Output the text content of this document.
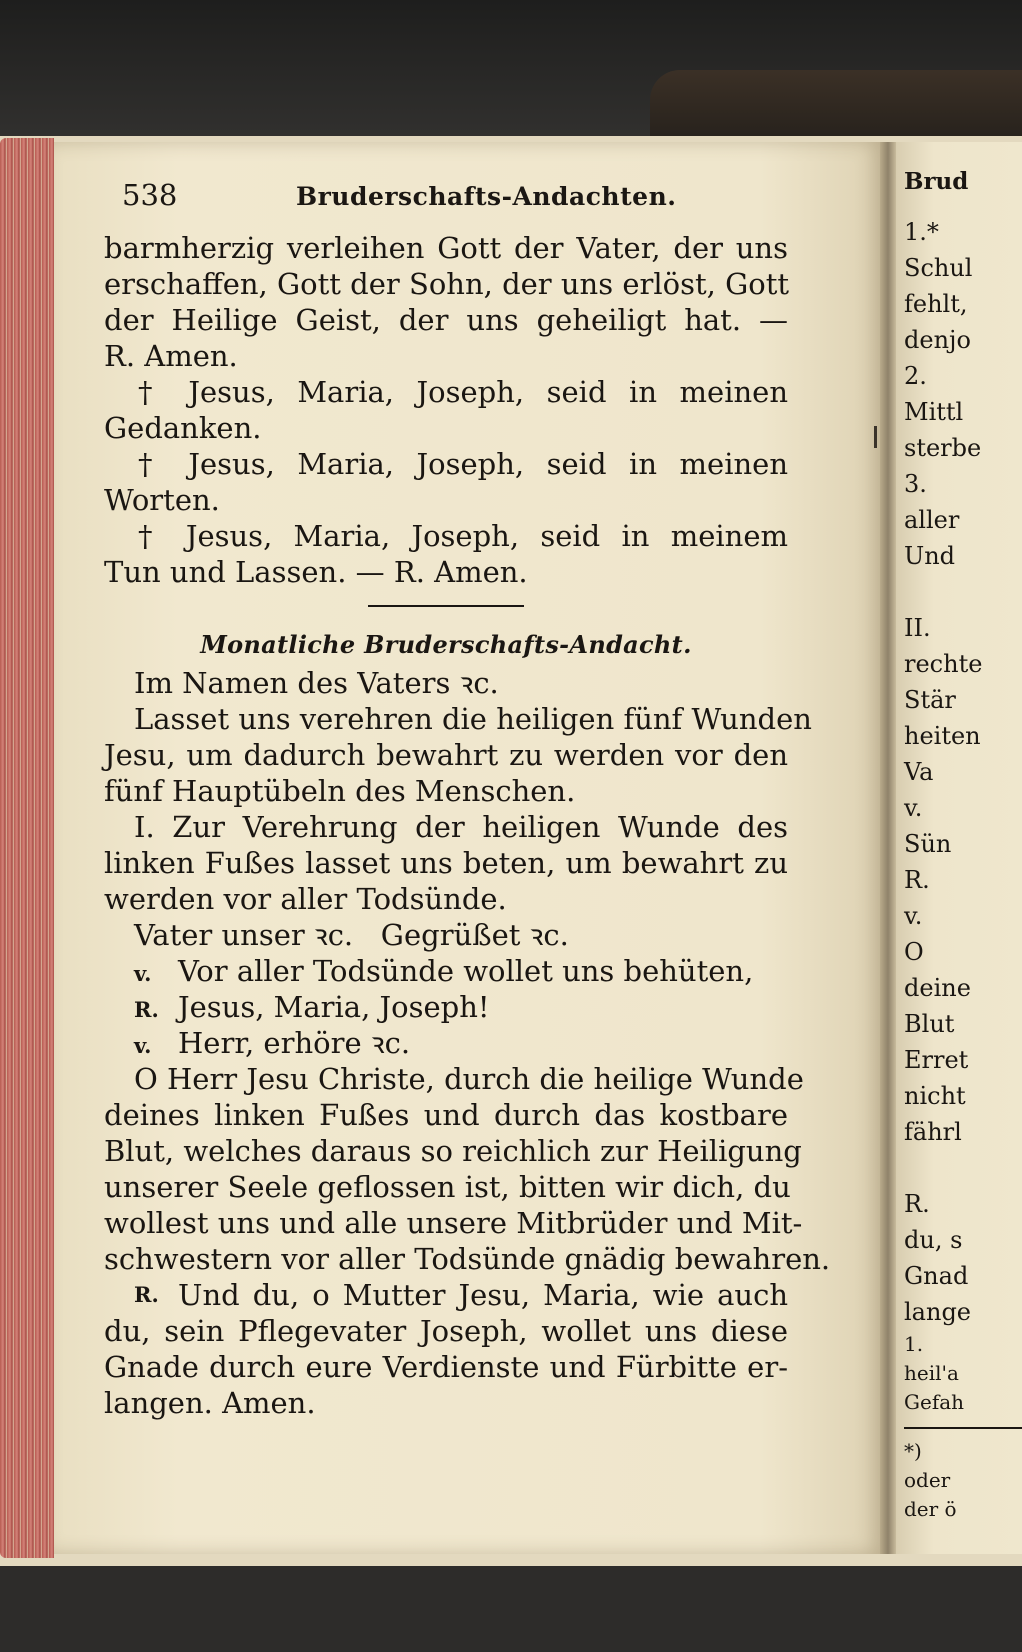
538	Bruderschafts-Andachten.
barmherzig verleihen Gott der Vater, der uns
erschaffen, Gott der Sohn, der uns erlöst, Gott
der Heilige Geist, der uns geheiligt hat. —
R. Amen.
† Jesus, Maria, Joseph, seid in meinen
Gedanken.
† Jesus, Maria, Joseph, seid in meinen
Worten.
† Jesus, Maria, Joseph, seid in meinem
Tun und Lassen. — R. Amen.
Monatliche Bruderschafts-Andacht.
Im Namen des Vaters ꝛc.
Lasset uns verehren die heiligen fünf Wunden
Jesu, um dadurch bewahrt zu werden vor den
fünf Hauptübeln des Menschen.
I. Zur Verehrung der heiligen Wunde des
linken Fußes lasset uns beten, um bewahrt zu
werden vor aller Todsünde.
Vater unser ꝛc.   Gegrüßet ꝛc.
v. Vor aller Todsünde wollet uns behüten,
R. Jesus, Maria, Joseph!
v. Herr, erhöre ꝛc.
O Herr Jesu Christe, durch die heilige Wunde
deines linken Fußes und durch das kostbare
Blut, welches daraus so reichlich zur Heiligung
unserer Seele geflossen ist, bitten wir dich, du
wollest uns und alle unsere Mitbrüder und Mit-
schwestern vor aller Todsünde gnädig bewahren.
R. Und du, o Mutter Jesu, Maria, wie auch
du, sein Pflegevater Joseph, wollet uns diese
Gnade durch eure Verdienste und Fürbitte er-
langen. Amen.
Brud
1.*
Schul
fehlt,
denjo
2.
Mittl
sterbe
3.
aller
Und
II.
rechte
Stär
heiten
Va
v.
Sün
R.
v.
O
deine
Blut
Erret
nicht
fährl
R.
du, s
Gnad
lange
1.
heil'a
Gefah
*)
oder
der ö
